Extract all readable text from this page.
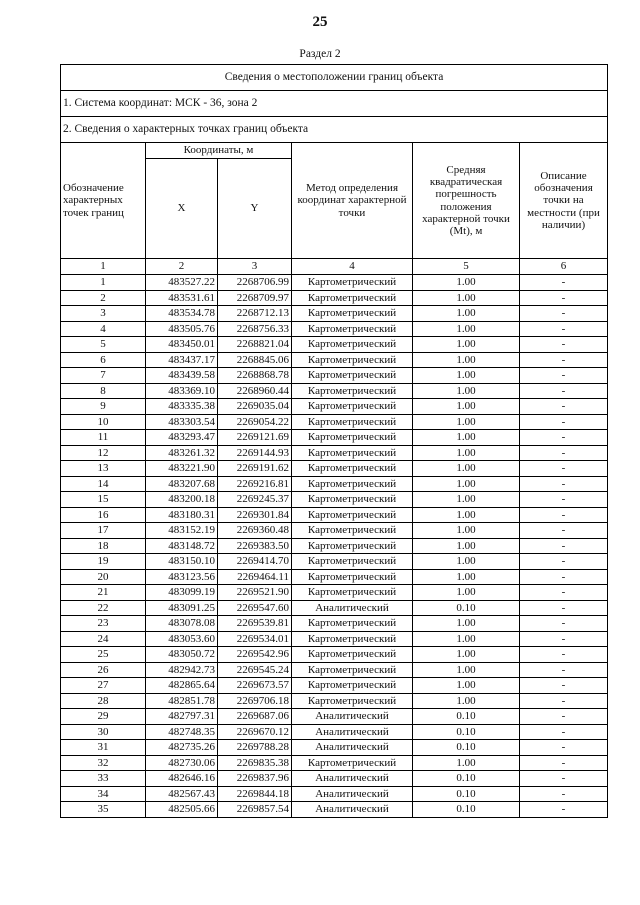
25
Раздел 2
Сведения о местоположении границ объекта					
1. Система координат: МСК - 36, зона 2					
2. Сведения о характерных точках границ объекта					
Обозначение характерных точек границ	Координаты, м		Метод определения координат характерной точки	Средняя квадратическая погрешность положения характерной точки (Mt), м	Описание обозначения точки на местности (при наличии)
	X	Y			
1	2	3	4	5	6
1	483527.22	2268706.99	Картометрический	1.00	-
2	483531.61	2268709.97	Картометрический	1.00	-
3	483534.78	2268712.13	Картометрический	1.00	-
4	483505.76	2268756.33	Картометрический	1.00	-
5	483450.01	2268821.04	Картометрический	1.00	-
6	483437.17	2268845.06	Картометрический	1.00	-
7	483439.58	2268868.78	Картометрический	1.00	-
8	483369.10	2268960.44	Картометрический	1.00	-
9	483335.38	2269035.04	Картометрический	1.00	-
10	483303.54	2269054.22	Картометрический	1.00	-
11	483293.47	2269121.69	Картометрический	1.00	-
12	483261.32	2269144.93	Картометрический	1.00	-
13	483221.90	2269191.62	Картометрический	1.00	-
14	483207.68	2269216.81	Картометрический	1.00	-
15	483200.18	2269245.37	Картометрический	1.00	-
16	483180.31	2269301.84	Картометрический	1.00	-
17	483152.19	2269360.48	Картометрический	1.00	-
18	483148.72	2269383.50	Картометрический	1.00	-
19	483150.10	2269414.70	Картометрический	1.00	-
20	483123.56	2269464.11	Картометрический	1.00	-
21	483099.19	2269521.90	Картометрический	1.00	-
22	483091.25	2269547.60	Аналитический	0.10	-
23	483078.08	2269539.81	Картометрический	1.00	-
24	483053.60	2269534.01	Картометрический	1.00	-
25	483050.72	2269542.96	Картометрический	1.00	-
26	482942.73	2269545.24	Картометрический	1.00	-
27	482865.64	2269673.57	Картометрический	1.00	-
28	482851.78	2269706.18	Картометрический	1.00	-
29	482797.31	2269687.06	Аналитический	0.10	-
30	482748.35	2269670.12	Аналитический	0.10	-
31	482735.26	2269788.28	Аналитический	0.10	-
32	482730.06	2269835.38	Картометрический	1.00	-
33	482646.16	2269837.96	Аналитический	0.10	-
34	482567.43	2269844.18	Аналитический	0.10	-
35	482505.66	2269857.54	Аналитический	0.10	-
